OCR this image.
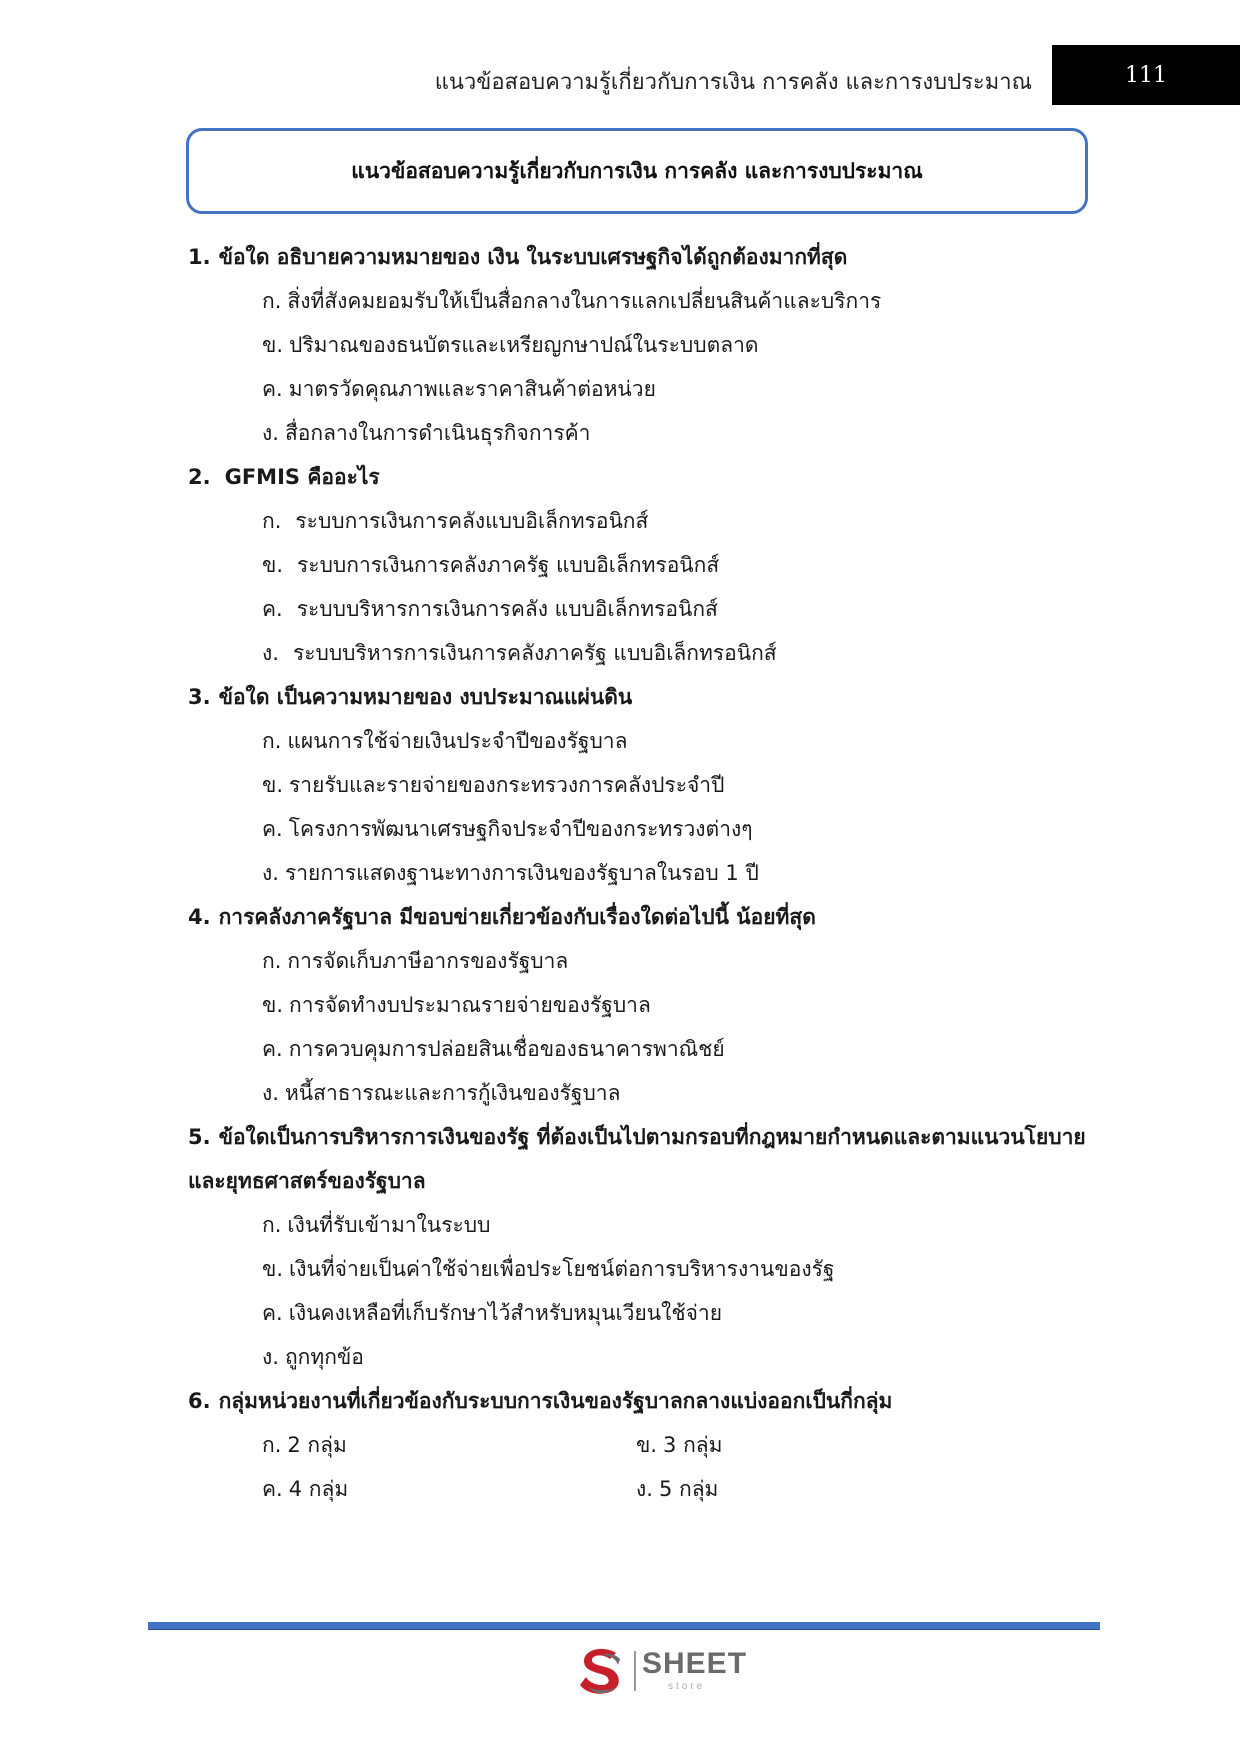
แนวข้อสอบความรู้เกี่ยวกับการเงิน การคลัง และการงบประมาณ	111
แนวข้อสอบความรู้เกี่ยวกับการเงิน การคลัง และการงบประมาณ

1. ข้อใด อธิบายความหมายของ เงิน ในระบบเศรษฐกิจได้ถูกต้องมากที่สุด

ก. สิ่งที่สังคมยอมรับให้เป็นสื่อกลางในการแลกเปลี่ยนสินค้าและบริการ

ข. ปริมาณของธนบัตรและเหรียญกษาปณ์ในระบบตลาด

ค. มาตรวัดคุณภาพและราคาสินค้าต่อหน่วย

ง. สื่อกลางในการดำเนินธุรกิจการค้า

2. GFMIS คืออะไร

ก. ระบบการเงินการคลังแบบอิเล็กทรอนิกส์

ข. ระบบการเงินการคลังภาครัฐ แบบอิเล็กทรอนิกส์

ค. ระบบบริหารการเงินการคลัง แบบอิเล็กทรอนิกส์

ง. ระบบบริหารการเงินการคลังภาครัฐ แบบอิเล็กทรอนิกส์

3. ข้อใด เป็นความหมายของ งบประมาณแผ่นดิน

ก. แผนการใช้จ่ายเงินประจำปีของรัฐบาล

ข. รายรับและรายจ่ายของกระทรวงการคลังประจำปี

ค. โครงการพัฒนาเศรษฐกิจประจำปีของกระทรวงต่างๆ

ง. รายการแสดงฐานะทางการเงินของรัฐบาลในรอบ 1 ปี

4. การคลังภาครัฐบาล มีขอบข่ายเกี่ยวข้องกับเรื่องใดต่อไปนี้ น้อยที่สุด

ก. การจัดเก็บภาษีอากรของรัฐบาล

ข. การจัดทำงบประมาณรายจ่ายของรัฐบาล

ค. การควบคุมการปล่อยสินเชื่อของธนาคารพาณิชย์

ง. หนี้สาธารณะและการกู้เงินของรัฐบาล

5. ข้อใดเป็นการบริหารการเงินของรัฐ ที่ต้องเป็นไปตามกรอบที่กฎหมายกำหนดและตามแนวนโยบาย

และยุทธศาสตร์ของรัฐบาล

ก. เงินที่รับเข้ามาในระบบ

ข. เงินที่จ่ายเป็นค่าใช้จ่ายเพื่อประโยชน์ต่อการบริหารงานของรัฐ

ค. เงินคงเหลือที่เก็บรักษาไว้สำหรับหมุนเวียนใช้จ่าย

ง. ถูกทุกข้อ

6. กลุ่มหน่วยงานที่เกี่ยวข้องกับระบบการเงินของรัฐบาลกลางแบ่งออกเป็นกี่กลุ่ม

ก. 2 กลุ่ม	ข. 3 กลุ่ม

ค. 4 กลุ่ม	ง. 5 กลุ่ม

SHEET
store
